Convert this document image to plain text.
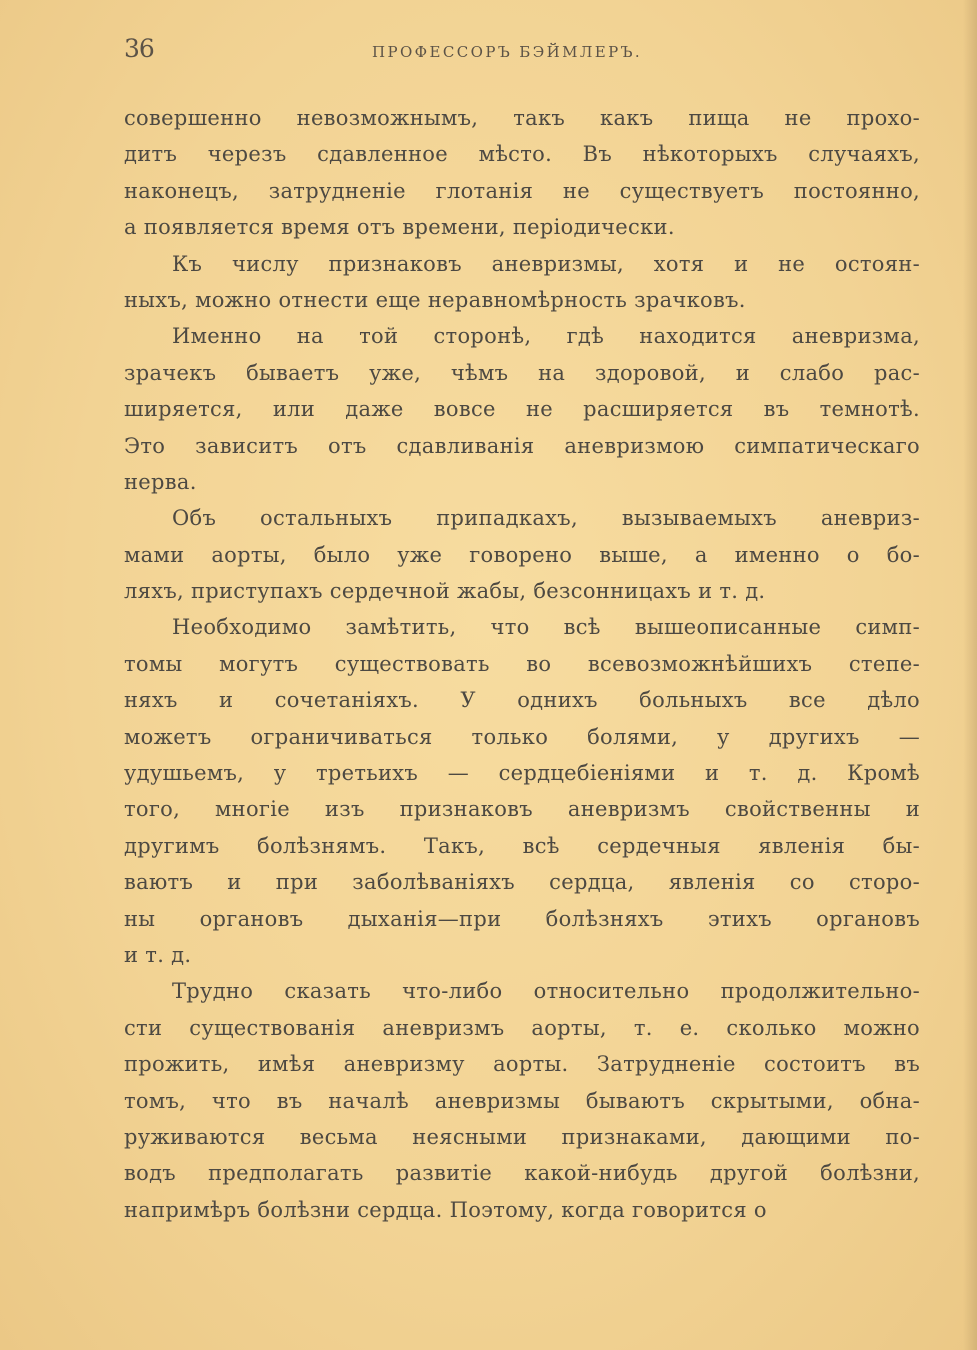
36	ПРОФЕССОРЪ БЭЙМЛЕРЪ.
совершенно невозможнымъ, такъ какъ пища не прохо-
дитъ черезъ сдавленное мѣсто. Въ нѣкоторыхъ случаяхъ,
наконецъ, затрудненіе глотанія не существуетъ постоянно,
а появляется время отъ времени, періодически.
Къ числу признаковъ аневризмы, хотя и не остоян-
ныхъ, можно отнести еще неравномѣрность зрачковъ.
Именно на той сторонѣ, гдѣ находится аневризма,
зрачекъ бываетъ уже, чѣмъ на здоровой, и слабо рас-
ширяется, или даже вовсе не расширяется въ темнотѣ.
Это зависитъ отъ сдавливанія аневризмою симпатическаго
нерва.
Объ остальныхъ припадкахъ, вызываемыхъ аневриз-
мами аорты, было уже говорено выше, а именно о бо-
ляхъ, приступахъ сердечной жабы, безсонницахъ и т. д.
Необходимо замѣтить, что всѣ вышеописанные симп-
томы могутъ существовать во всевозможнѣйшихъ степе-
няхъ и сочетаніяхъ. У однихъ больныхъ все дѣло
можетъ ограничиваться только болями, у другихъ —
удушьемъ, у третьихъ — сердцебіеніями и т. д. Кромѣ
того, многіе изъ признаковъ аневризмъ свойственны и
другимъ болѣзнямъ. Такъ, всѣ сердечныя явленія бы-
ваютъ и при заболѣваніяхъ сердца, явленія со сторо-
ны органовъ дыханія—при болѣзняхъ этихъ органовъ
и т. д.
Трудно сказать что-либо относительно продолжительно-
сти существованія аневризмъ аорты, т. е. сколько можно
прожить, имѣя аневризму аорты. Затрудненіе состоитъ въ
томъ, что въ началѣ аневризмы бываютъ скрытыми, обна-
руживаются весьма неясными признаками, дающими по-
водъ предполагать развитіе какой-нибудь другой болѣзни,
напримѣръ болѣзни сердца. Поэтому, когда говорится о
